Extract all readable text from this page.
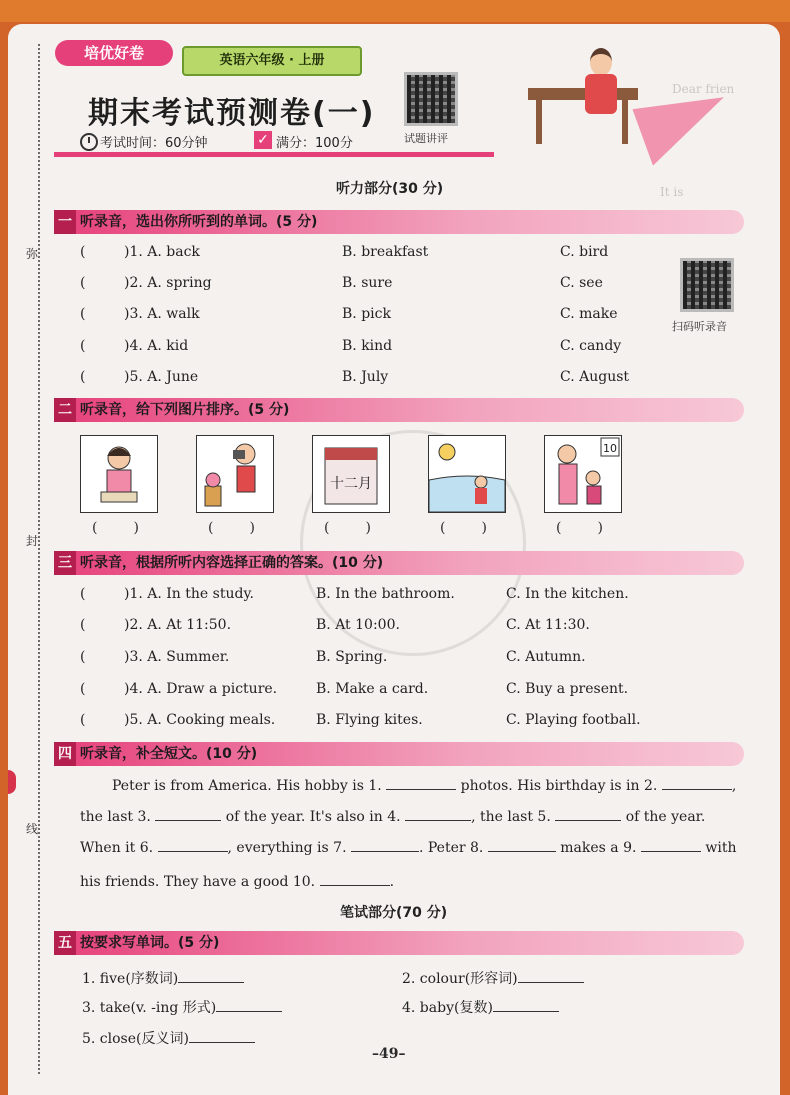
Dear frien
It is
弥
封
线
培优好卷	英语六年级 · 上册
期末考试预测卷(一)
考试时间：60分钟	✓ 满分：100分	试题讲评
扫码听录音
听力部分(30 分)
一 听录音，选出你所听到的单词。(5 分)
(	)1. A. back	B. breakfast	C. bird
(	)2. A. spring	B. sure	C. see
(	)3. A. walk	B. pick	C. make
(	)4. A. kid	B. kind	C. candy
(	)5. A. June	B. July	C. August
二 听录音，给下列图片排序。(5 分)
十二月
10
(	)	(	)	(	)	(	)	(	)
三 听录音，根据所听内容选择正确的答案。(10 分)
(	)1. A. In the study.	B. In the bathroom.	C. In the kitchen.
(	)2. A. At 11:50.	B. At 10:00.	C. At 11:30.
(	)3. A. Summer.	B. Spring.	C. Autumn.
(	)4. A. Draw a picture.	B. Make a card.	C. Buy a present.
(	)5. A. Cooking meals.	B. Flying kites.	C. Playing football.
四 听录音，补全短文。(10 分)
Peter is from America. His hobby is 1.	photos. His birthday is in 2.	,
the last 3.	of the year. It's also in 4.	, the last 5.	of the year.
When it 6.	, everything is 7.	. Peter 8.	makes a 9.	with
his friends. They have a good 10.	.
笔试部分(70 分)
五 按要求写单词。(5 分)
1. five(序数词)	2. colour(形容词)
3. take(v. -ing 形式)	4. baby(复数)
5. close(反义词)
–49–
